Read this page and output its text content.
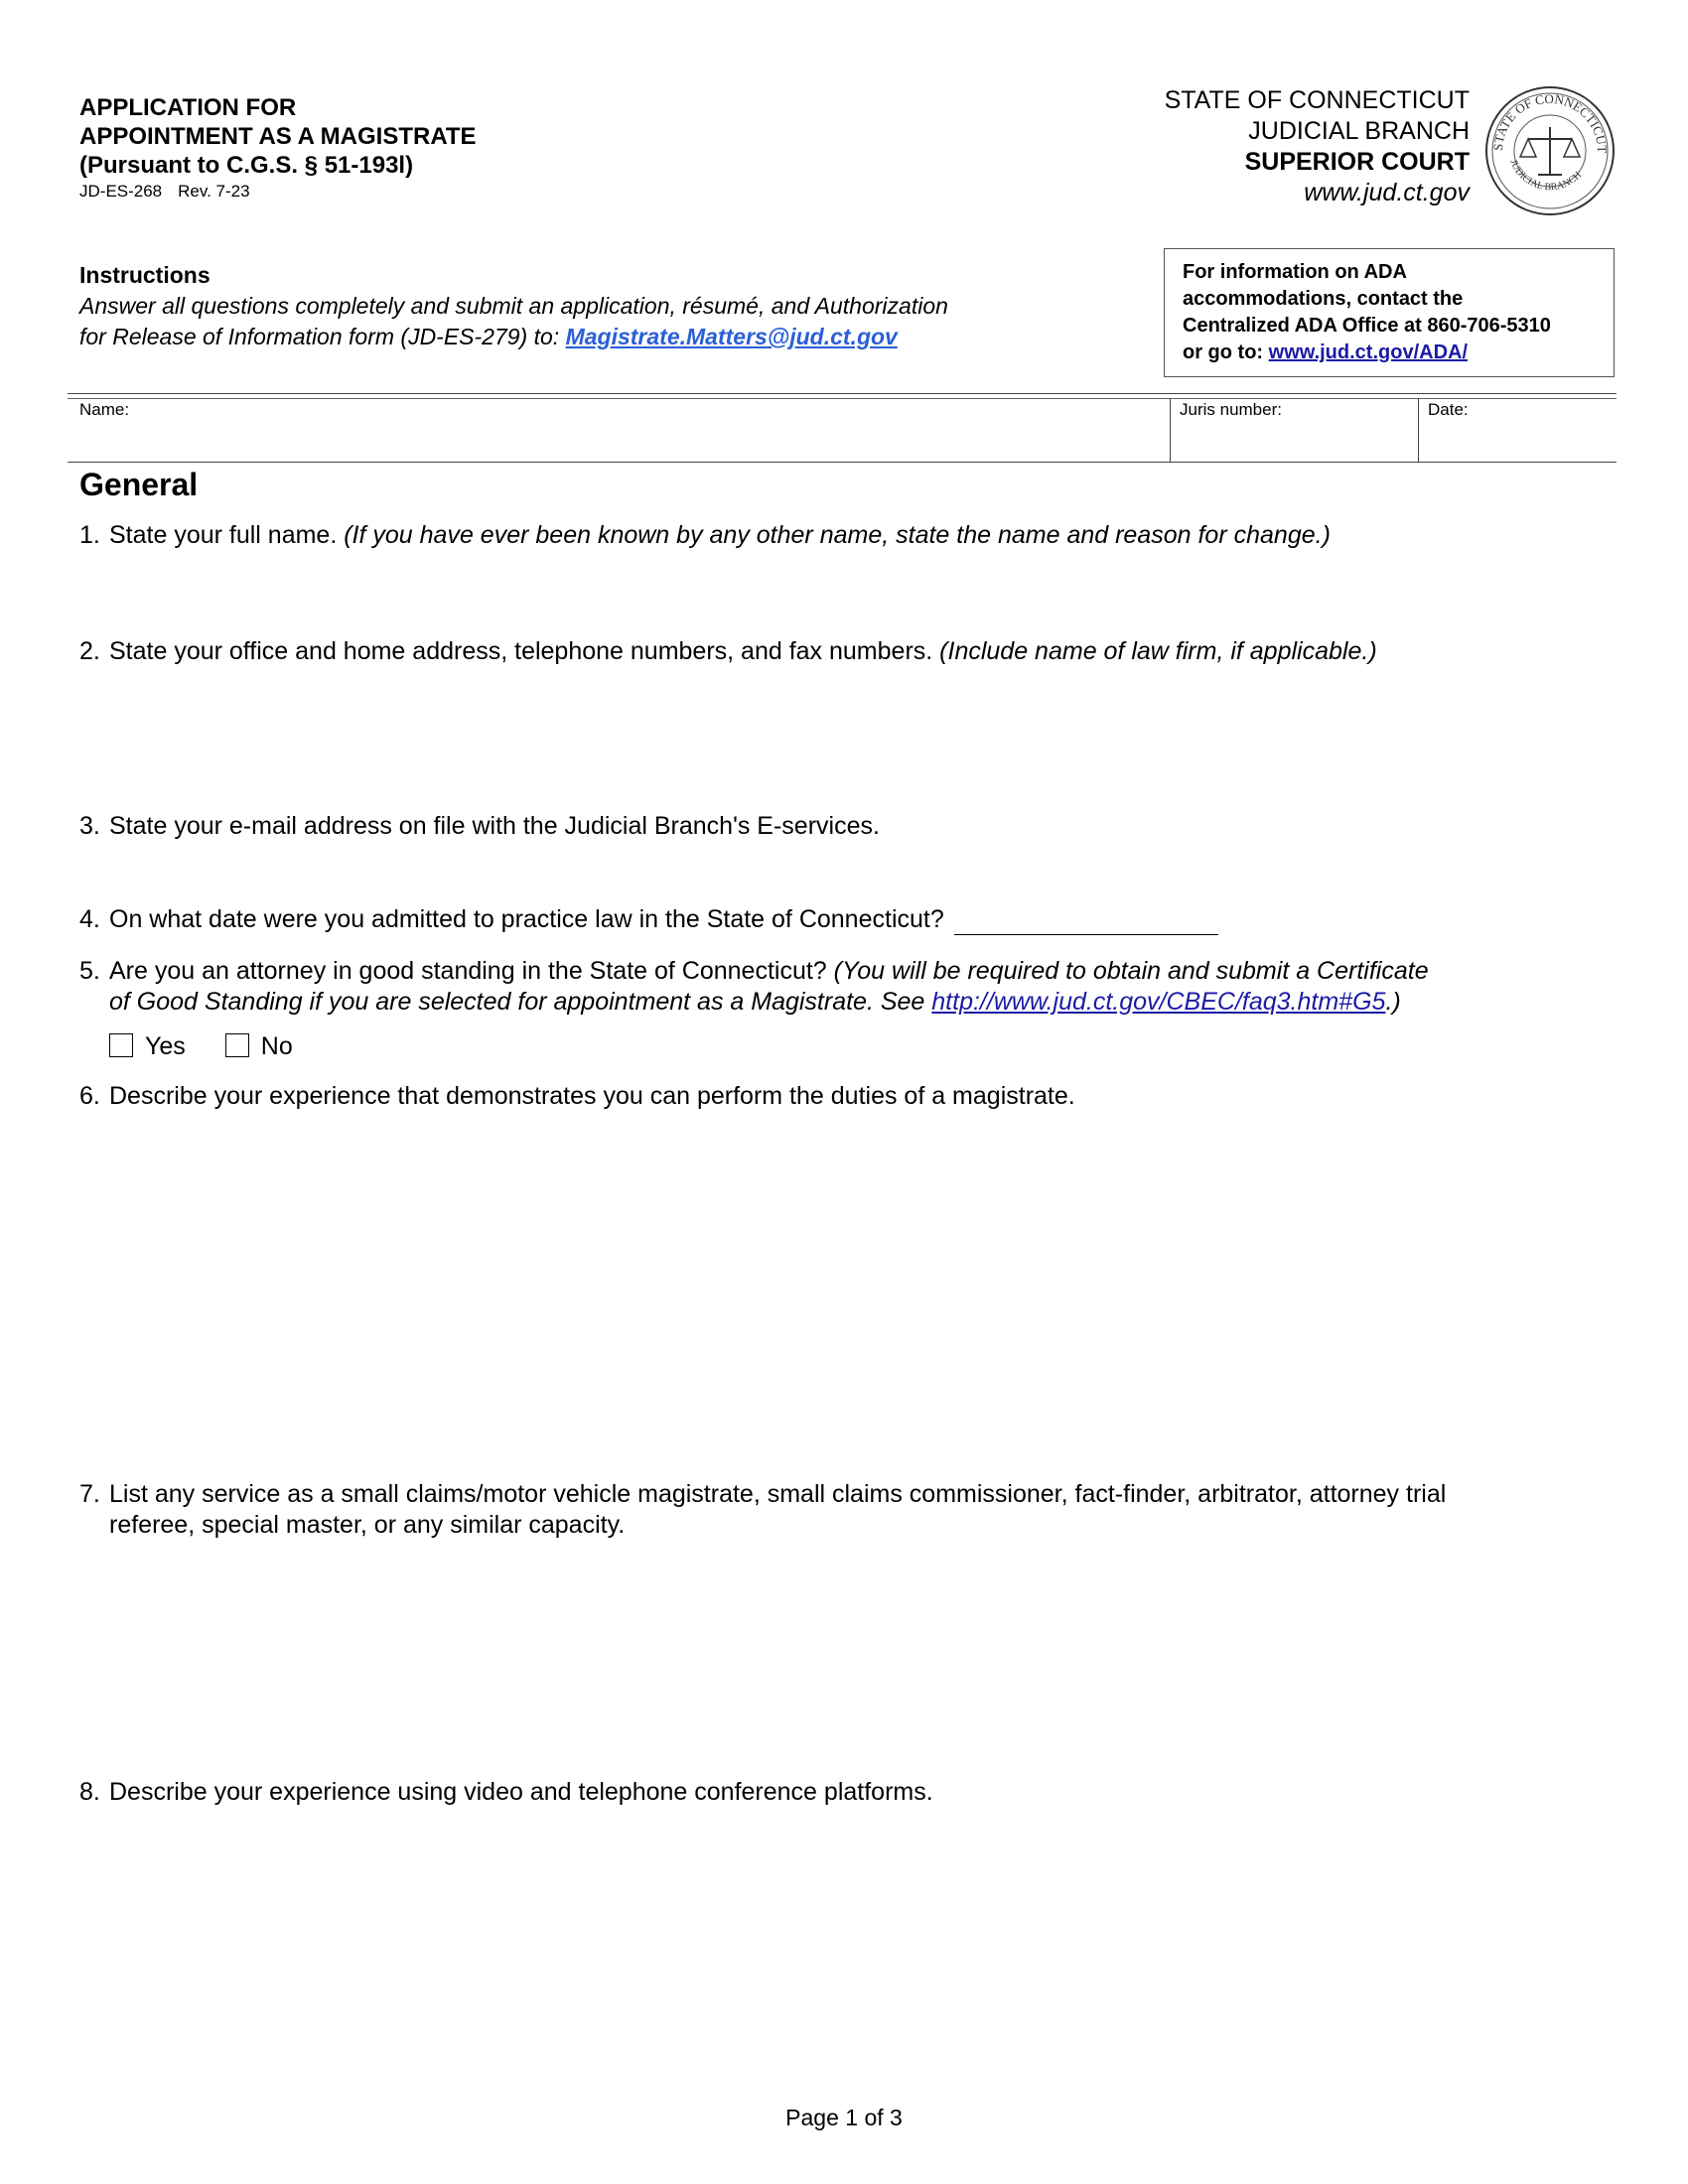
APPLICATION FOR
APPOINTMENT AS A MAGISTRATE
(Pursuant to C.G.S. § 51-193l)
JD-ES-268 Rev. 7-23
STATE OF CONNECTICUT
JUDICIAL BRANCH
SUPERIOR COURT
www.jud.ct.gov
STATE OF CONNECTICUT
JUDICIAL BRANCH
Instructions
Answer all questions completely and submit an application, résumé, and Authorization
for Release of Information form (JD-ES-279) to: Magistrate.Matters@jud.ct.gov
For information on ADA
accommodations, contact the
Centralized ADA Office at 860-706-5310
or go to: www.jud.ct.gov/ADA/
Name:	Juris number:	Date:
General
1. State your full name. (If you have ever been known by any other name, state the name and reason for change.)
2. State your office and home address, telephone numbers, and fax numbers. (Include name of law firm, if applicable.)
3. State your e-mail address on file with the Judicial Branch's E-services.
4. On what date were you admitted to practice law in the State of Connecticut?
5. Are you an attorney in good standing in the State of Connecticut? (You will be required to obtain and submit a Certificate
of Good Standing if you are selected for appointment as a Magistrate. See http://www.jud.ct.gov/CBEC/faq3.htm#G5.)
Yes	No
6. Describe your experience that demonstrates you can perform the duties of a magistrate.
7. List any service as a small claims/motor vehicle magistrate, small claims commissioner, fact-finder, arbitrator, attorney trial
referee, special master, or any similar capacity.
8. Describe your experience using video and telephone conference platforms.
Page 1 of 3
